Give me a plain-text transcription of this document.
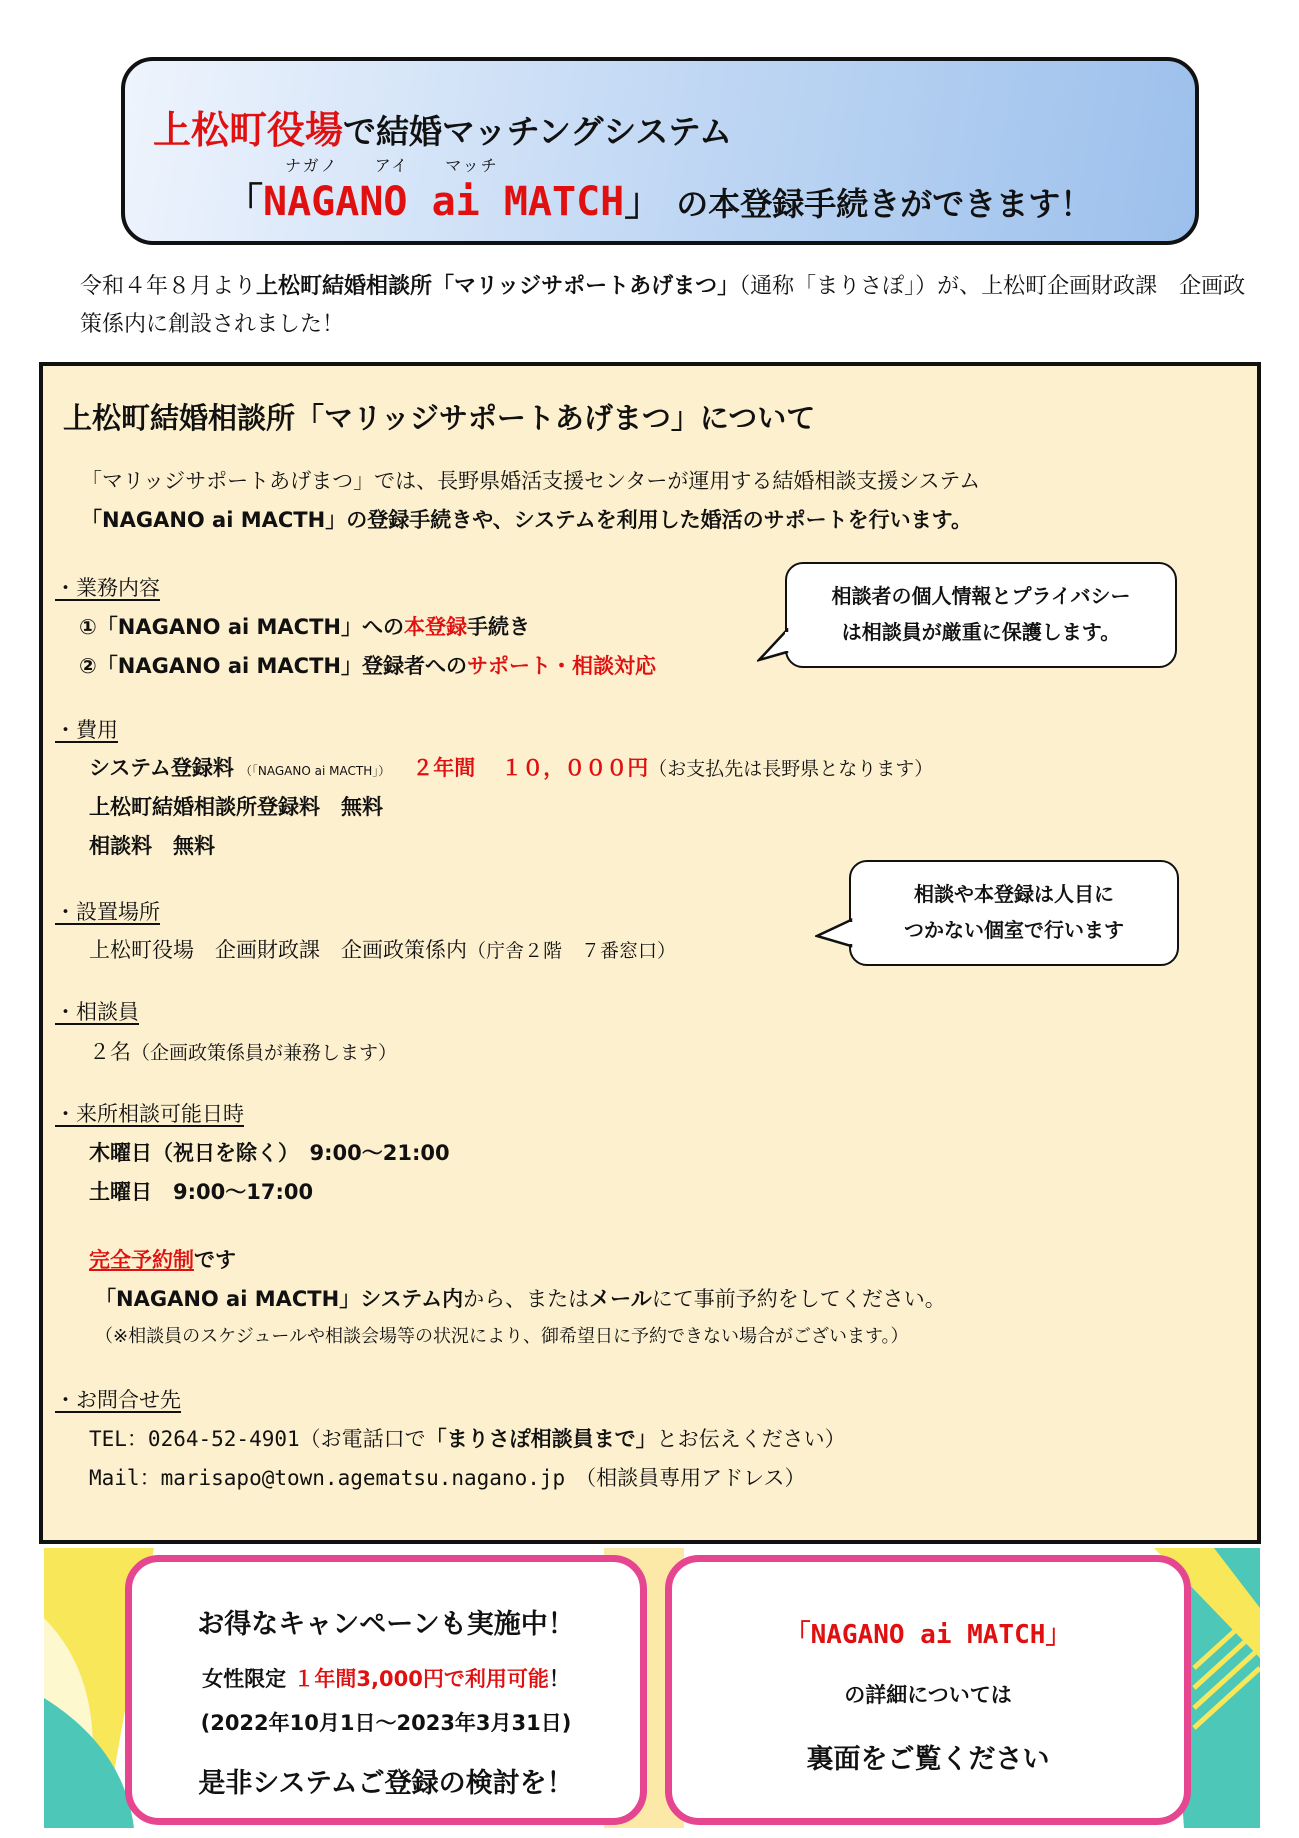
上松町役場で結婚マッチングシステム
ナガノ　　アイ　　マッチ
「NAGANO ai MATCH」 の本登録手続きができます！
令和４年８月より上松町結婚相談所「マリッジサポートあげまつ」（通称「まりさぽ」）が、上松町企画財政課　企画政策係内に創設されました！
上松町結婚相談所「マリッジサポートあげまつ」について
「マリッジサポートあげまつ」では、長野県婚活支援センターが運用する結婚相談支援システム
「NAGANO ai MACTH」の登録手続きや、システムを利用した婚活のサポートを行います。
・業務内容
①「NAGANO ai MACTH」への本登録手続き
②「NAGANO ai MACTH」登録者へのサポート・相談対応
相談者の個人情報とプライバシー
は相談員が厳重に保護します。
・費用
システム登録料 （「NAGANO ai MACTH」） ２年間 １０，０００円（お支払先は長野県となります）
上松町結婚相談所登録料　無料
相談料　無料
・設置場所
上松町役場　企画財政課　企画政策係内（庁舎２階　７番窓口）
相談や本登録は人目に
つかない個室で行います
・相談員
２名（企画政策係員が兼務します）
・来所相談可能日時
木曜日（祝日を除く）　9:00～21:00
土曜日　9:00～17:00
完全予約制です
「NAGANO ai MACTH」システム内から、またはメールにて事前予約をしてください。
（※相談員のスケジュールや相談会場等の状況により、御希望日に予約できない場合がございます。）
・お問合せ先
TEL：0264-52-4901（お電話口で「まりさぽ相談員まで」とお伝えください）
Mail：marisapo@town.agematsu.nagano.jp （相談員専用アドレス）
お得なキャンペーンも実施中！
女性限定 １年間3,000円で利用可能！
(2022年10月1日～2023年3月31日)
是非システムご登録の検討を！
「NAGANO ai MATCH」
の詳細については
裏面をご覧ください
